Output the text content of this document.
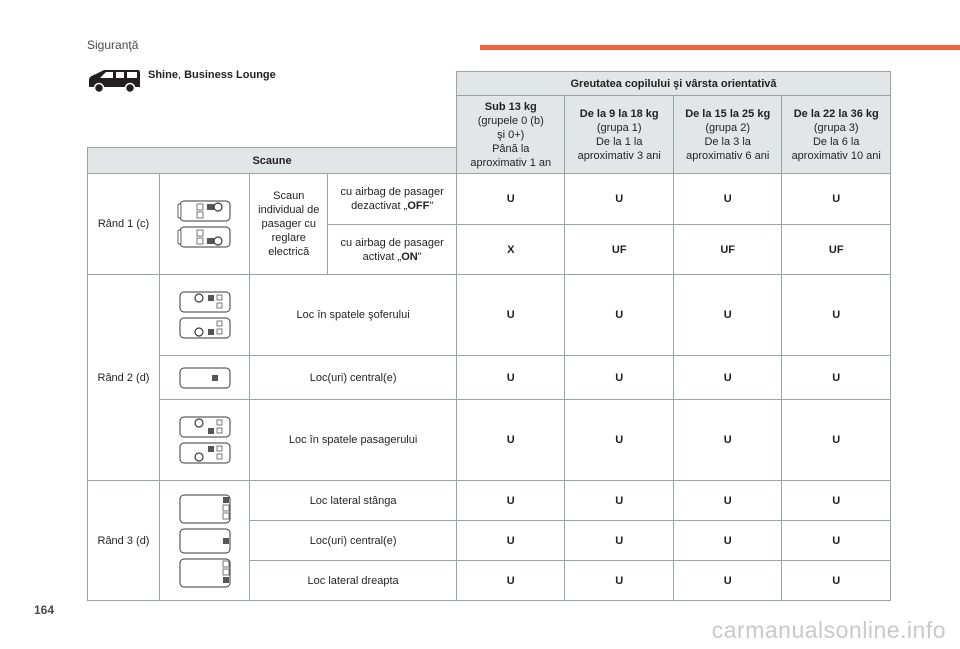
Siguranţă
Shine, Business Lounge
				Greutatea copilului şi vârsta orientativă			
				Sub 13 kg
(grupele 0 (b)
şi 0+)
Până la
aproximativ 1 an	De la 9 la 18 kg
(grupa 1)
De la 1 la
aproximativ 3 ani	De la 15 la 25 kg
(grupa 2)
De la 3 la
aproximativ 6 ani	De la 22 la 36 kg
(grupa 3)
De la 6 la
aproximativ 10 ani

Scaune							
Rând 1 (c)		Scaun individual de pasager cu reglare electrică	cu airbag de pasager dezactivat „OFF"	U	U	U	U
			cu airbag de pasager activat „ON"	X	UF	UF	UF
Rând 2 (d)		Loc în spatele şoferului		U	U	U	U

	Loc(uri) central(e)		U	U	U	U

	Loc în spatele pasagerului		U	U	U	U
Rând 3 (d)		Loc lateral stânga		U	U	U	U
		Loc(uri) central(e)		U	U	U	U
		Loc lateral dreapta		U	U	U	U
164
carmanualsonline.info
